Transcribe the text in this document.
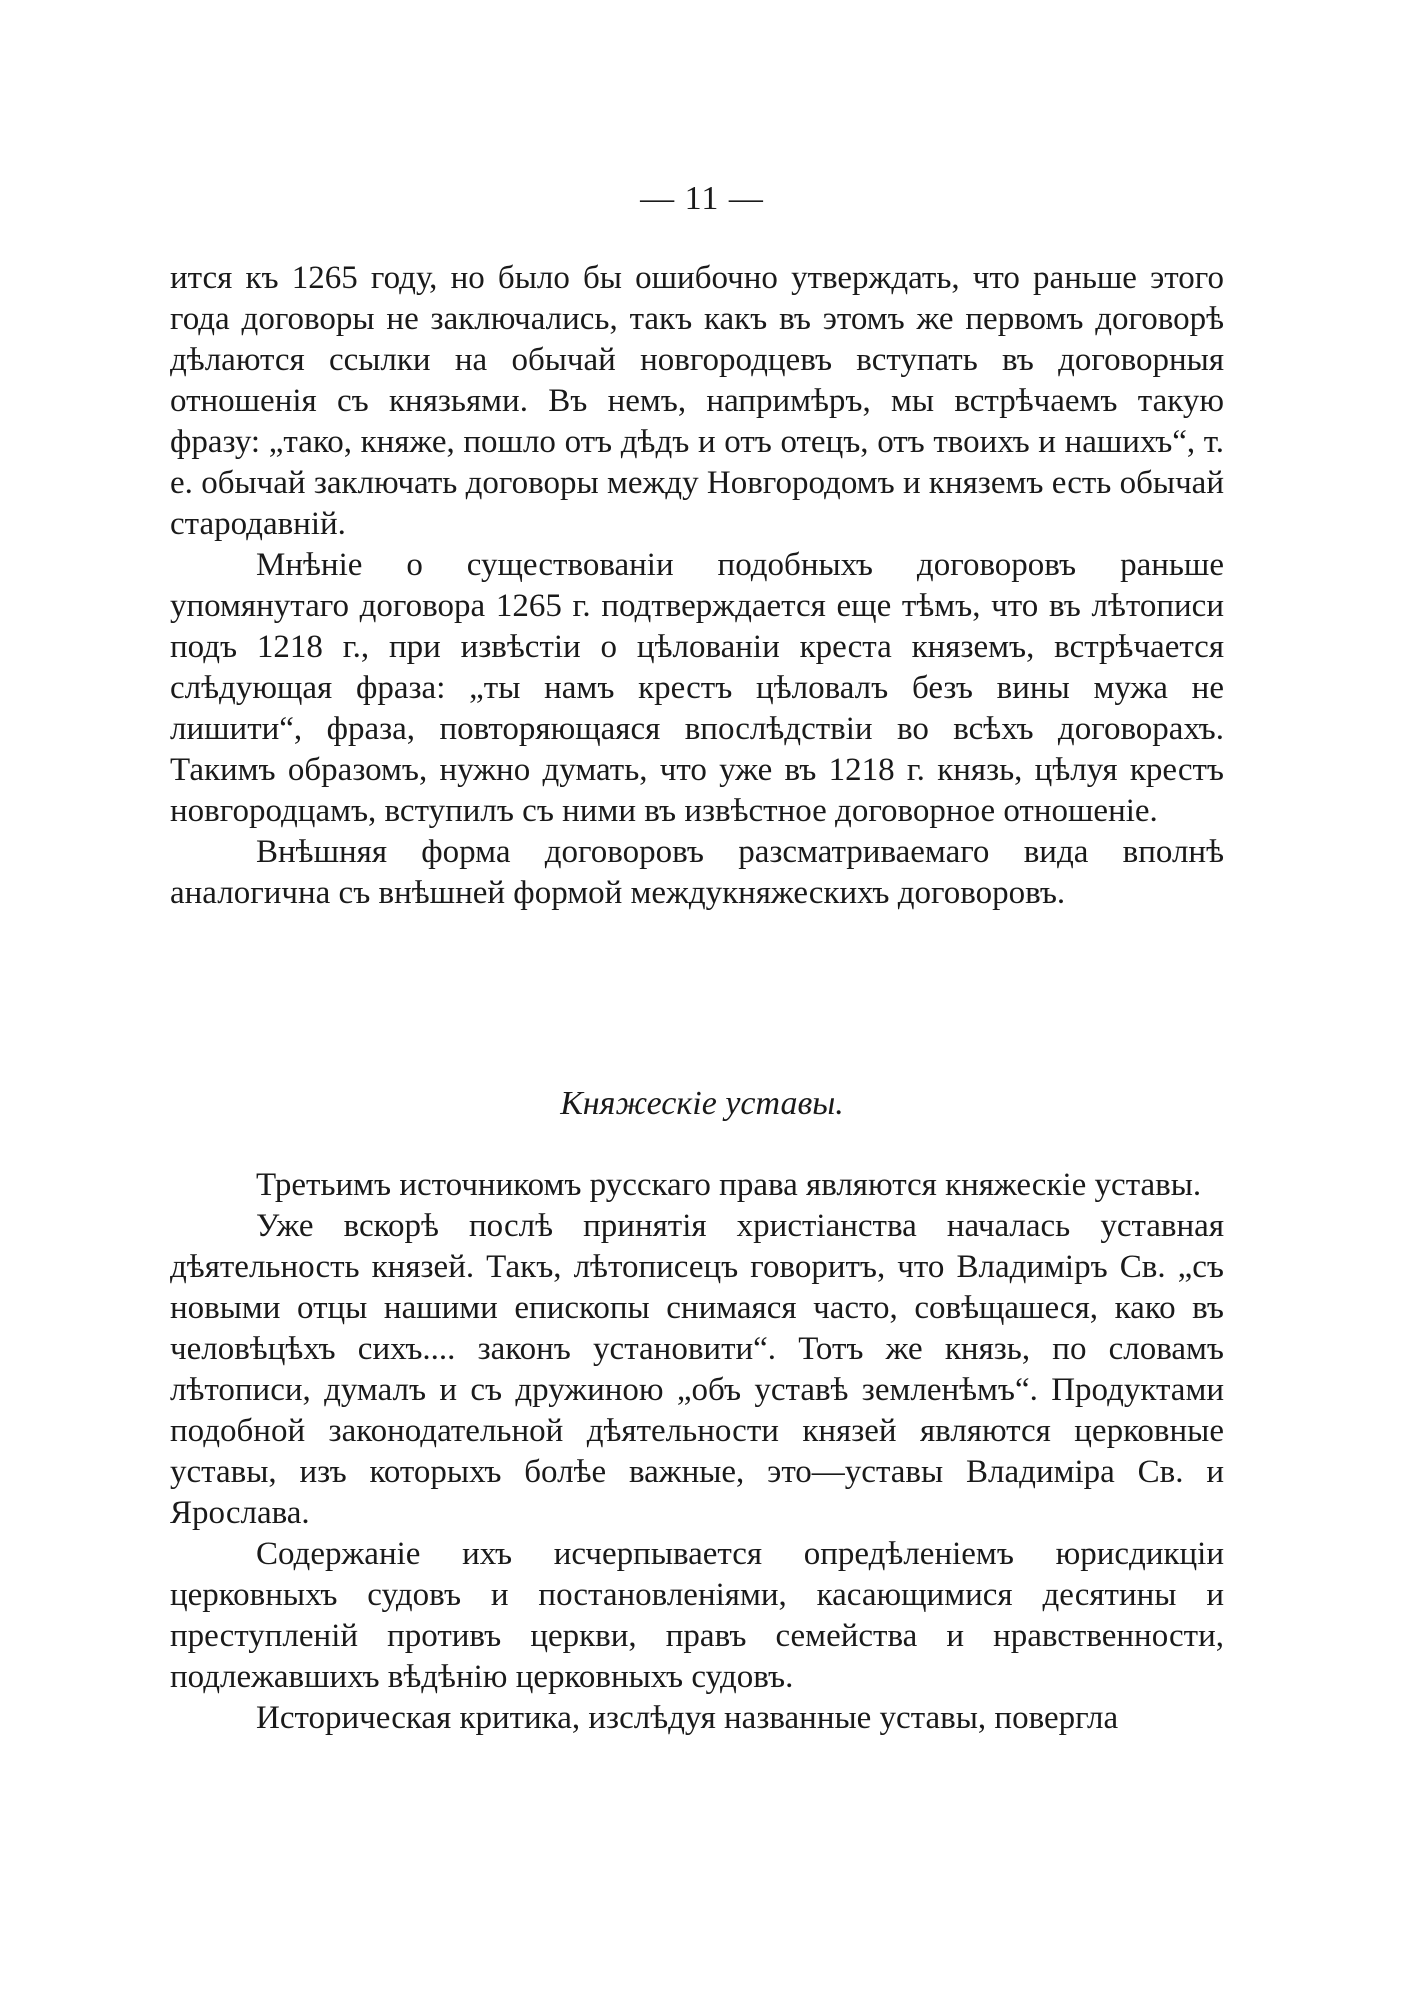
— 11 —

ится къ 1265 году, но было бы ошибочно утверждать, что раньше этого года договоры не заключались, такъ какъ въ этомъ же первомъ договорѣ дѣлаются ссылки на обычай новгородцевъ вступать въ договорныя отношенія съ князьями. Въ немъ, напримѣръ, мы встрѣчаемъ такую фразу: „тако, княже, пошло отъ дѣдъ и отъ отецъ, отъ твоихъ и нашихъ“, т. е. обычай заключать договоры между Новгородомъ и княземъ есть обычай стародавній.

Мнѣніе о существованіи подобныхъ договоровъ раньше упомянутаго договора 1265 г. подтверждается еще тѣмъ, что въ лѣтописи подъ 1218 г., при извѣстіи о цѣлованіи креста княземъ, встрѣчается слѣдующая фраза: „ты намъ крестъ цѣловалъ безъ вины мужа не лишити“, фраза, повторяющаяся впослѣдствіи во всѣхъ договорахъ. Такимъ образомъ, нужно думать, что уже въ 1218 г. князь, цѣлуя крестъ новгородцамъ, вступилъ съ ними въ извѣстное договорное отношеніе.

Внѣшняя форма договоровъ разсматриваемаго вида вполнѣ аналогична съ внѣшней формой междукняжескихъ договоровъ.

Княжескіе уставы.

Третьимъ источникомъ русскаго права являются княжескіе уставы.

Уже вскорѣ послѣ принятія христіанства началась уставная дѣятельность князей. Такъ, лѣтописецъ говоритъ, что Владиміръ Св. „съ новыми отцы нашими епископы снимаяся часто, совѣщашеся, како въ человѣцѣхъ сихъ.... законъ установити“. Тотъ же князь, по словамъ лѣтописи, думалъ и съ дружиною „объ уставѣ земленѣмъ“. Продуктами подобной законодательной дѣятельности князей являются церковные уставы, изъ которыхъ болѣе важные, это—уставы Владиміра Св. и Ярослава.

Содержаніе ихъ исчерпывается опредѣленіемъ юрисдикціи церковныхъ судовъ и постановленіями, касающимися десятины и преступленій противъ церкви, правъ семейства и нравственности, подлежавшихъ вѣдѣнію церковныхъ судовъ.

Историческая критика, изслѣдуя названные уставы, повергла
